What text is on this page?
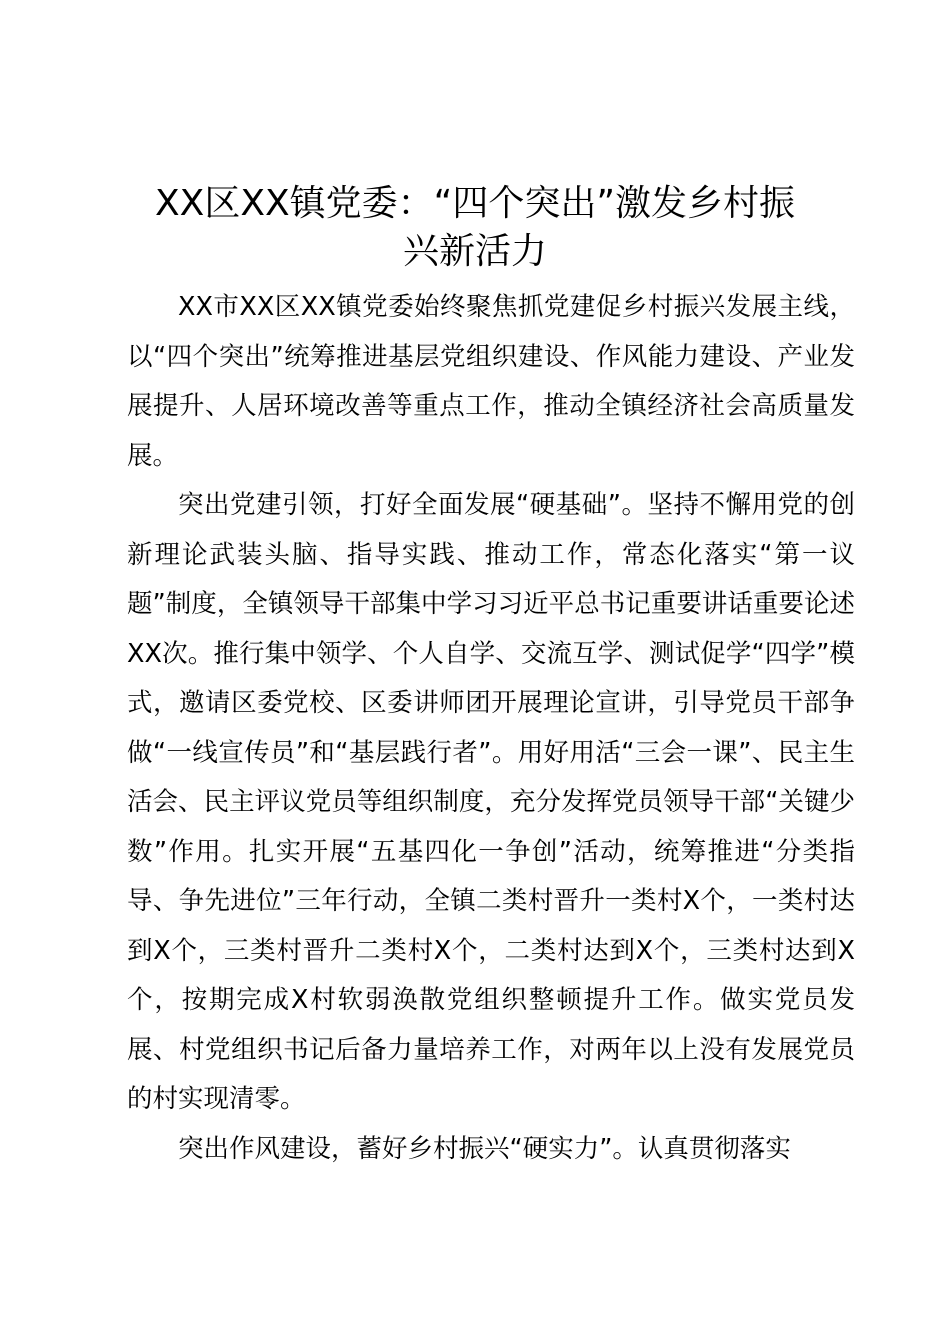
XX区XX镇党委：“四个突出”激发乡村振
兴新活力

XX市XX区XX镇党委始终聚焦抓党建促乡村振兴发展主线，以“四个突出”统筹推进基层党组织建设、作风能力建设、产业发展提升、人居环境改善等重点工作，推动全镇经济社会高质量发展。

突出党建引领，打好全面发展“硬基础”。坚持不懈用党的创新理论武装头脑、指导实践、推动工作，常态化落实“第一议题”制度，全镇领导干部集中学习习近平总书记重要讲话重要论述XX次。推行集中领学、个人自学、交流互学、测试促学“四学”模式，邀请区委党校、区委讲师团开展理论宣讲，引导党员干部争做“一线宣传员”和“基层践行者”。用好用活“三会一课”、民主生活会、民主评议党员等组织制度，充分发挥党员领导干部“关键少数”作用。扎实开展“五基四化一争创”活动，统筹推进“分类指导、争先进位”三年行动，全镇二类村晋升一类村X个，一类村达到X个，三类村晋升二类村X个，二类村达到X个，三类村达到X个，按期完成X村软弱涣散党组织整顿提升工作。做实党员发展、村党组织书记后备力量培养工作，对两年以上没有发展党员的村实现清零。

突出作风建设，蓄好乡村振兴“硬实力”。认真贯彻落实
